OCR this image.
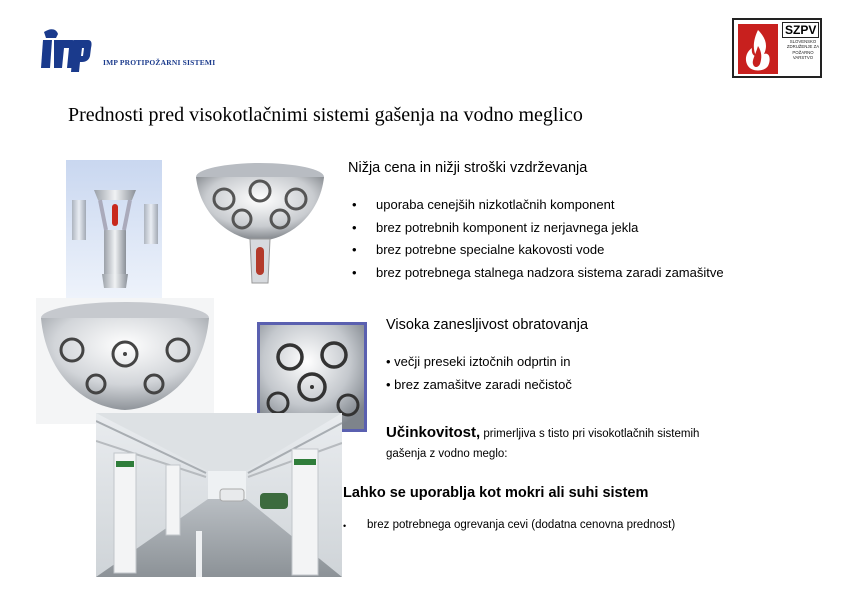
IMP PROTIPOŽARNI SISTEMI
SZPV
SLOVENSKO ZDRUŽENJE ZA POŽARNO VARSTVO
Prednosti pred visokotlačnimi sistemi gašenja na vodno meglico
Nižja cena in nižji stroški vzdrževanja
•	uporaba cenejših nizkotlačnih komponent
•	brez potrebnih komponent iz nerjavnega jekla
•	brez potrebne specialne kakovosti vode
•	brez potrebnega stalnega nadzora sistema zaradi zamašitve
Visoka zanesljivost obratovanja
• večji preseki iztočnih odprtin in
• brez zamašitve zaradi nečistoč
Učinkovitost, primerljiva s tisto pri visokotlačnih sistemih
gašenja z vodno meglo:
Lahko se uporablja kot mokri ali suhi sistem
•	brez potrebnega ogrevanja cevi (dodatna cenovna prednost)
